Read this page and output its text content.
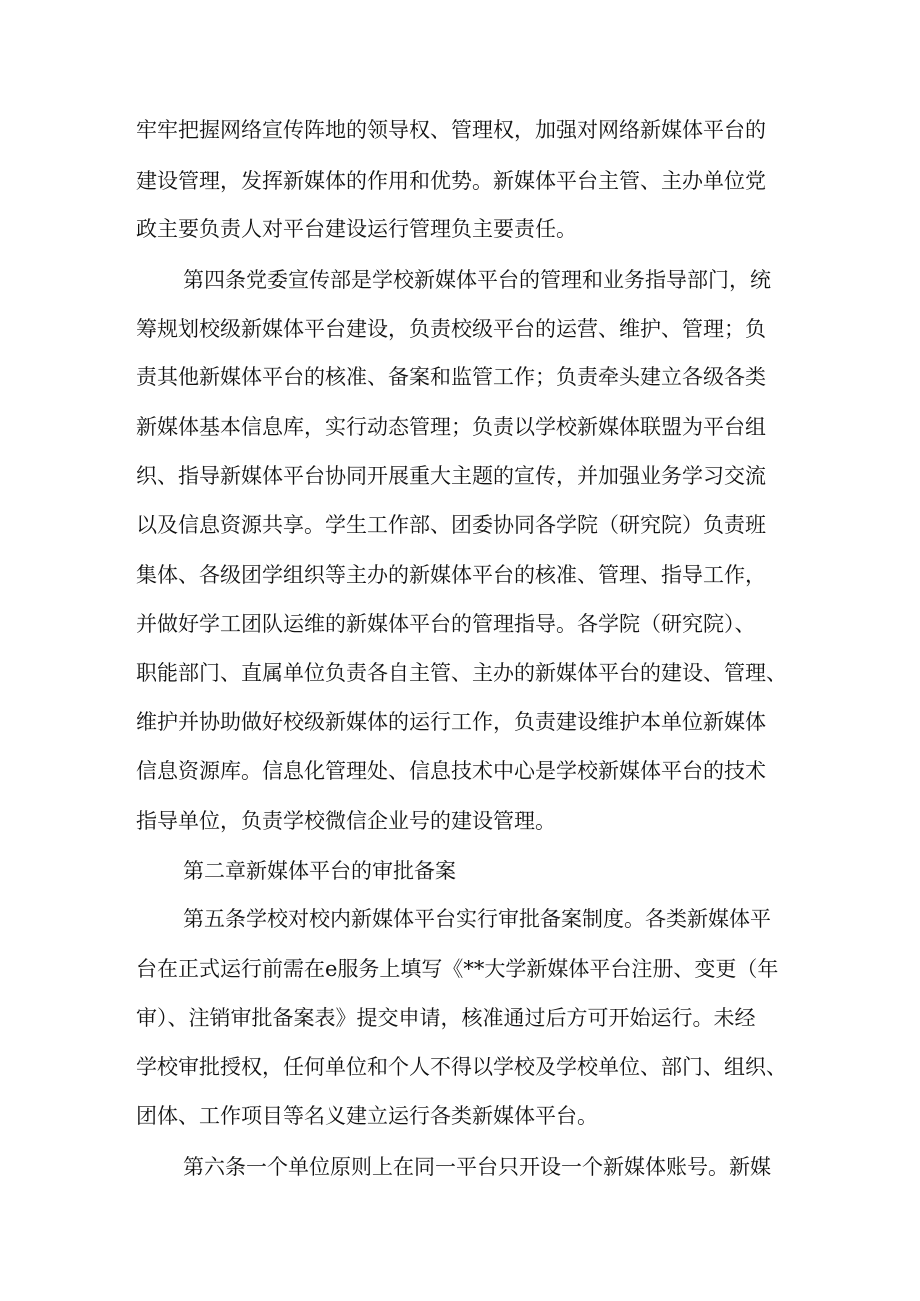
牢牢把握网络宣传阵地的领导权、管理权，加强对网络新媒体平台的

建设管理，发挥新媒体的作用和优势。新媒体平台主管、主办单位党

政主要负责人对平台建设运行管理负主要责任。

第四条党委宣传部是学校新媒体平台的管理和业务指导部门，统

筹规划校级新媒体平台建设，负责校级平台的运营、维护、管理；负

责其他新媒体平台的核准、备案和监管工作；负责牵头建立各级各类

新媒体基本信息库，实行动态管理；负责以学校新媒体联盟为平台组

织、指导新媒体平台协同开展重大主题的宣传，并加强业务学习交流

以及信息资源共享。学生工作部、团委协同各学院（研究院）负责班

集体、各级团学组织等主办的新媒体平台的核准、管理、指导工作，

并做好学工团队运维的新媒体平台的管理指导。各学院（研究院）、

职能部门、直属单位负责各自主管、主办的新媒体平台的建设、管理、

维护并协助做好校级新媒体的运行工作，负责建设维护本单位新媒体

信息资源库。信息化管理处、信息技术中心是学校新媒体平台的技术

指导单位，负责学校微信企业号的建设管理。

第二章新媒体平台的审批备案

第五条学校对校内新媒体平台实行审批备案制度。各类新媒体平

台在正式运行前需在e服务上填写《**大学新媒体平台注册、变更（年

审）、注销审批备案表》提交申请，核准通过后方可开始运行。未经

学校审批授权，任何单位和个人不得以学校及学校单位、部门、组织、

团体、工作项目等名义建立运行各类新媒体平台。

第六条一个单位原则上在同一平台只开设一个新媒体账号。新媒
